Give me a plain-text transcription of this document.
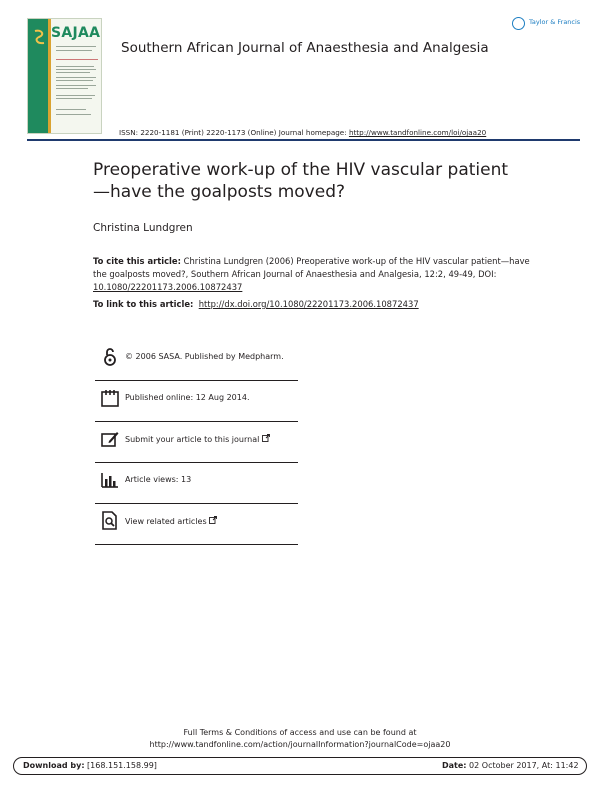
SAJAA
Southern African Journal of Anaesthesia and Analgesia
Taylor & Francis
ISSN: 2220-1181 (Print) 2220-1173 (Online) Journal homepage: http://www.tandfonline.com/loi/ojaa20
Preoperative work-up of the HIV vascular patient—have the goalposts moved?
Christina Lundgren
To cite this article: Christina Lundgren (2006) Preoperative work-up of the HIV vascular patient—have the goalposts moved?, Southern African Journal of Anaesthesia and Analgesia, 12:2, 49-49, DOI: 10.1080/22201173.2006.10872437
To link to this article: http://dx.doi.org/10.1080/22201173.2006.10872437
© 2006 SASA. Published by Medpharm.
Published online: 12 Aug 2014.
Submit your article to this journal
Article views: 13
View related articles
Full Terms & Conditions of access and use can be found at
http://www.tandfonline.com/action/journalInformation?journalCode=ojaa20
Download by: [168.151.158.99]	Date: 02 October 2017, At: 11:42
